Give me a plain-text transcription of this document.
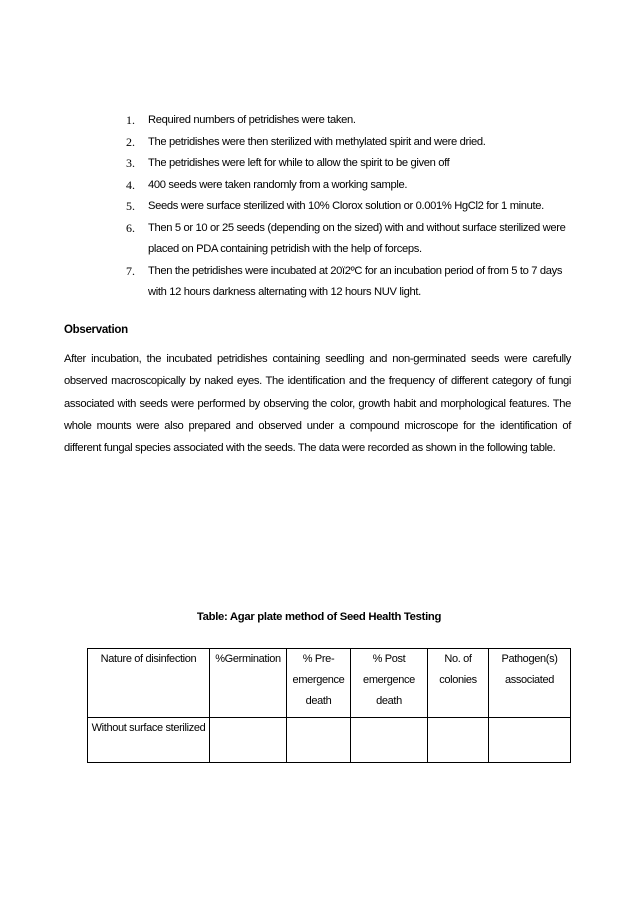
1. Required numbers of petridishes were taken.
2. The petridishes were then sterilized with methylated spirit and were dried.
3. The petridishes were left for while to allow the spirit to be given off
4. 400 seeds were taken randomly from a working sample.
5. Seeds were surface sterilized with 10% Clorox solution or 0.001% HgCl2 for 1 minute.
6. Then 5 or 10 or 25 seeds (depending on the sized) with and without surface sterilized were placed on PDA containing petridish with the help of forceps.
7. Then the petridishes were incubated at 20ï2ºC for an incubation period of from 5 to 7 days with 12 hours darkness alternating with 12 hours NUV light.
Observation

After incubation, the incubated petridishes containing seedling and non-germinated seeds were carefully observed macroscopically by naked eyes. The identification and the frequency of different category of fungi associated with seeds were performed by observing the color, growth habit and morphological features. The whole mounts were also prepared and observed under a compound microscope for the identification of different fungal species associated with the seeds. The data were recorded as shown in the following table.

Table: Agar plate method of Seed Health Testing

Nature of disinfection	%Germination	% Pre-emergence death	% Post emergence death	No. of colonies	Pathogen(s) associated
Without surface sterilized					
